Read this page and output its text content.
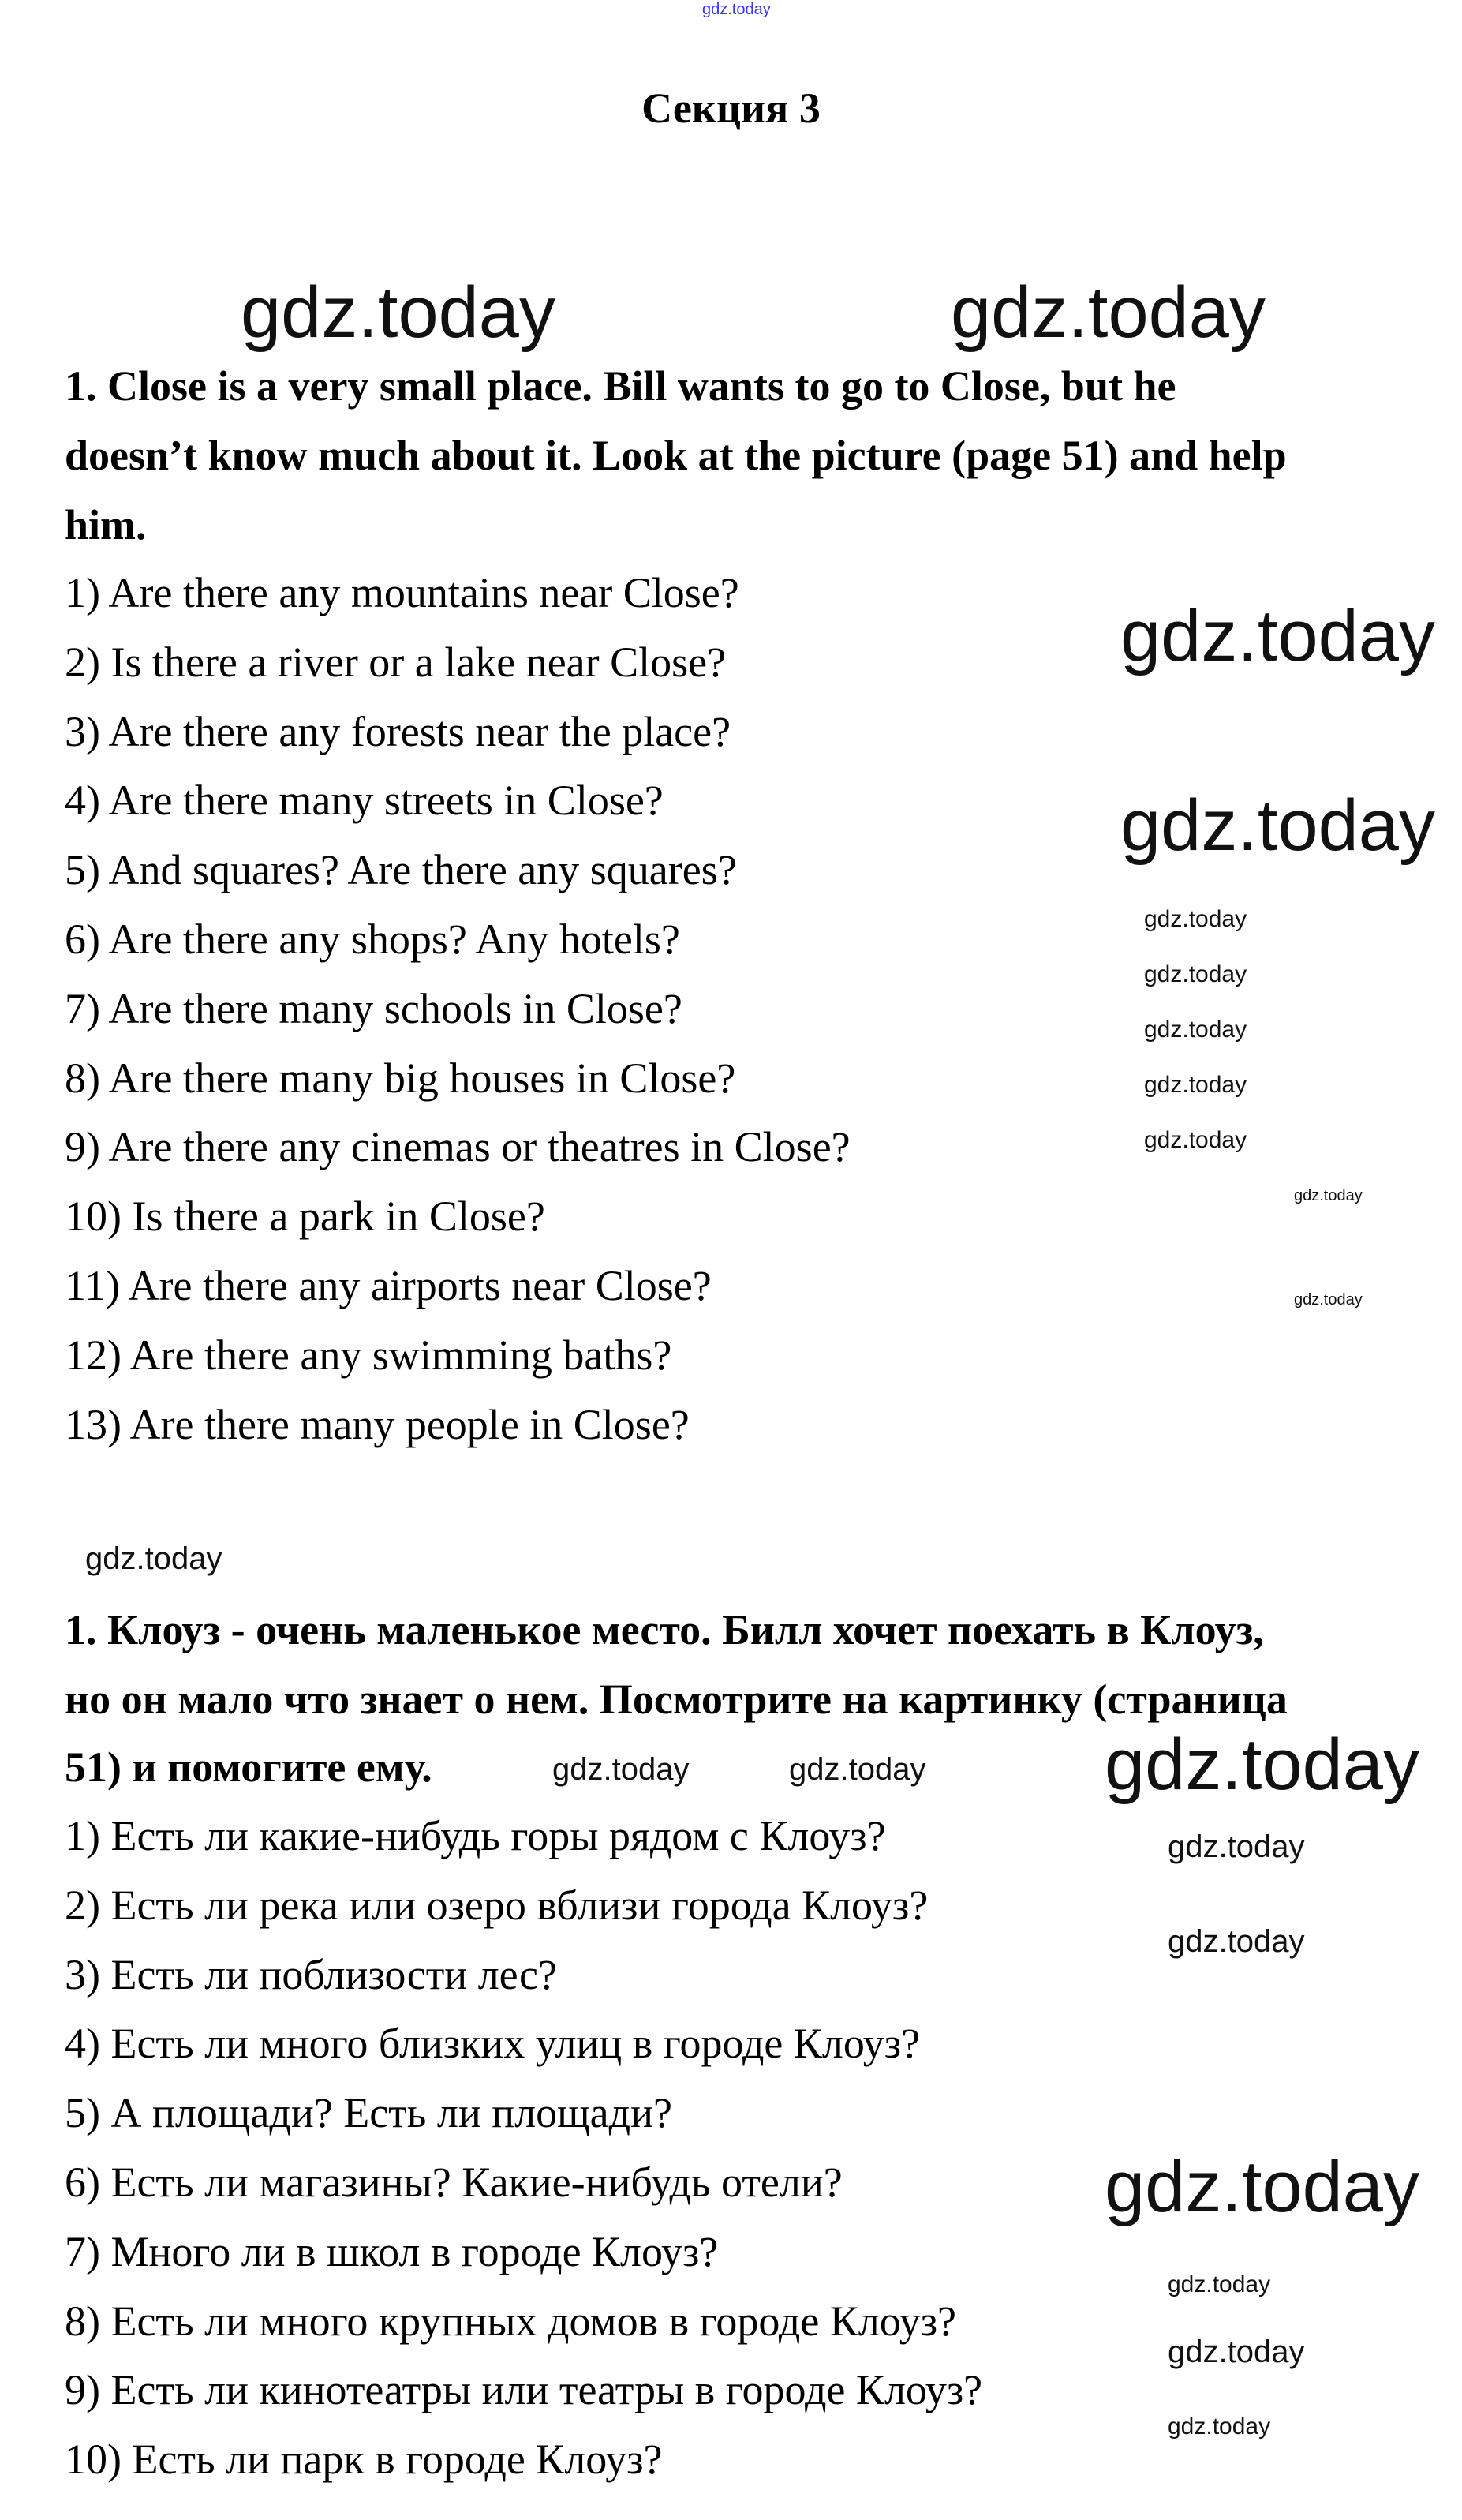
Секция 3
1. Close is a very small place. Bill wants to go to Close, but he
doesn’t know much about it. Look at the picture (page 51) and help
him.
1) Are there any mountains near Close?
2) Is there a river or a lake near Close?
3) Are there any forests near the place?
4) Are there many streets in Close?
5) And squares? Are there any squares?
6) Are there any shops? Any hotels?
7) Are there many schools in Close?
8) Are there many big houses in Close?
9) Are there any cinemas or theatres in Close?
10) Is there a park in Close?
11) Are there any airports near Close?
12) Are there any swimming baths?
13) Are there many people in Close?
1. Клоуз - очень маленькое место. Билл хочет поехать в Клоуз,
но он мало что знает о нем. Посмотрите на картинку (страница
51) и помогите ему.
1) Есть ли какие-нибудь горы рядом с Клоуз?
2) Есть ли река или озеро вблизи города Клоуз?
3) Есть ли поблизости лес?
4) Есть ли много близких улиц в городе Клоуз?
5) А площади? Есть ли площади?
6) Есть ли магазины? Какие-нибудь отели?
7) Много ли в школ в городе Клоуз?
8) Есть ли много крупных домов в городе Клоуз?
9) Есть ли кинотеатры или театры в городе Клоуз?
10) Есть ли парк в городе Клоуз?
gdz.today
gdz.today	gdz.today
gdz.today
gdz.today
gdz.today
gdz.today
gdz.today
gdz.today
gdz.today
gdz.today
gdz.today
gdz.today
gdz.today	gdz.today gdz.today
gdz.today
gdz.today
gdz.today
gdz.today
gdz.today
gdz.today
